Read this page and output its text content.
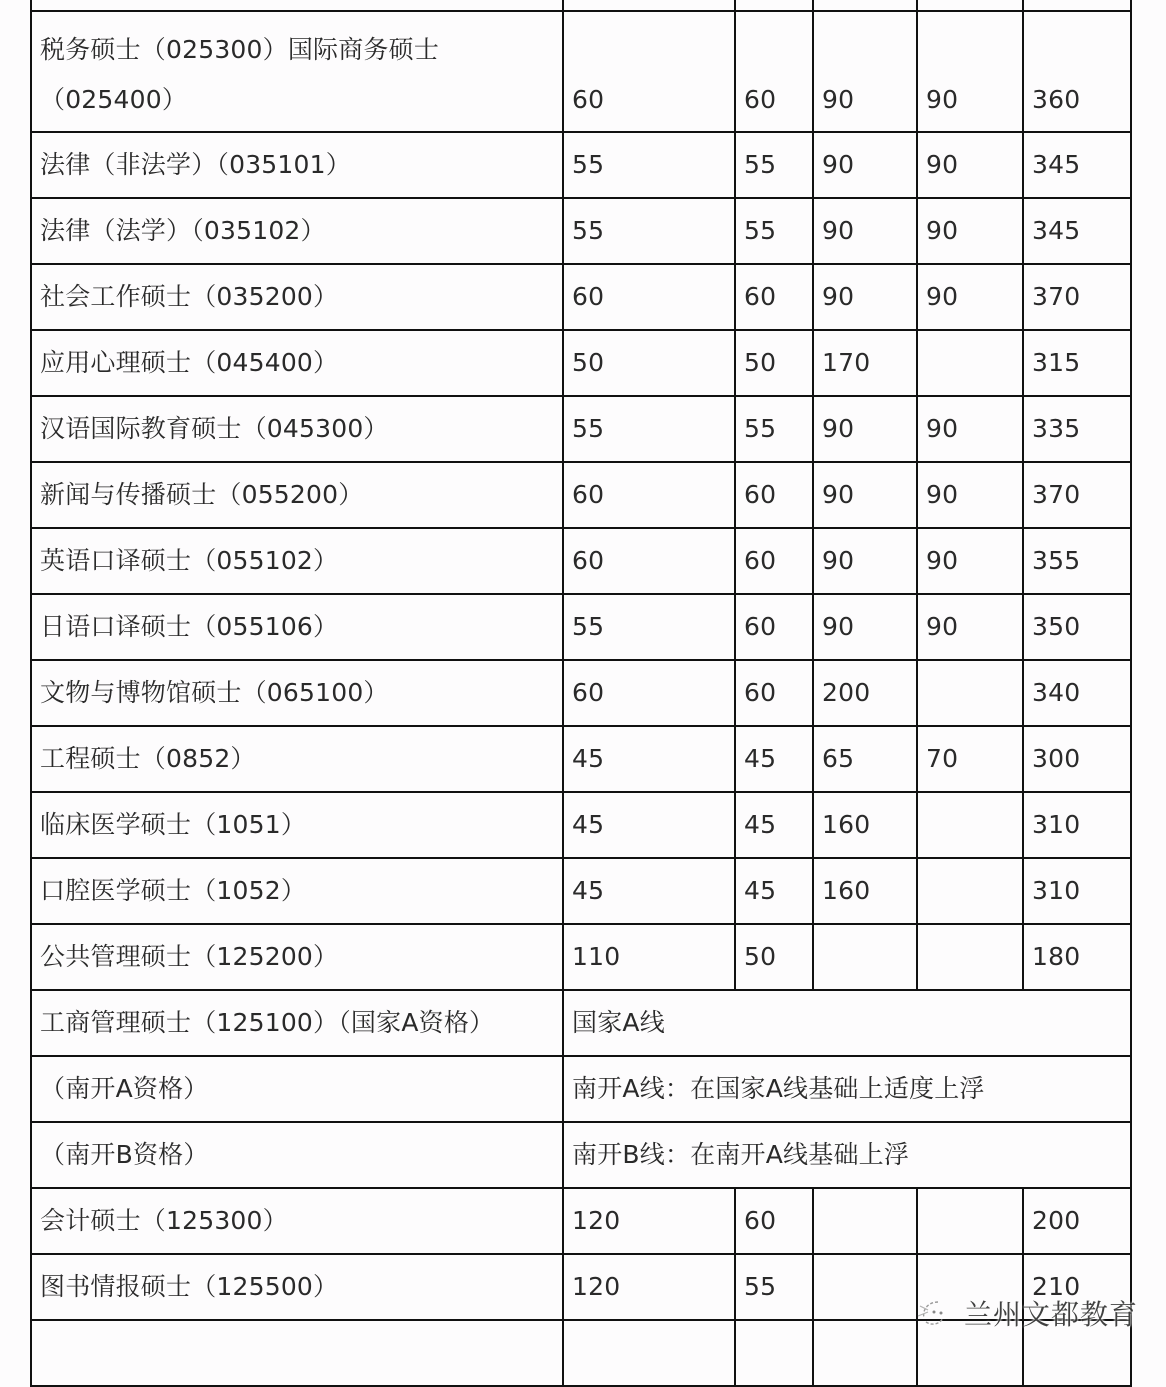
税务硕士（025300）国际商务硕士（025400）	60	60	90	90	360
法律（非法学）（035101）	55	55	90	90	345
法律（法学）（035102）	55	55	90	90	345
社会工作硕士（035200）	60	60	90	90	370
应用心理硕士（045400）	50	50	170		315
汉语国际教育硕士（045300）	55	55	90	90	335
新闻与传播硕士（055200）	60	60	90	90	370
英语口译硕士（055102）	60	60	90	90	355
日语口译硕士（055106）	55	60	90	90	350
文物与博物馆硕士（065100）	60	60	200		340
工程硕士（0852）	45	45	65	70	300
临床医学硕士（1051）	45	45	160		310
口腔医学硕士（1052）	45	45	160		310
公共管理硕士（125200）	110	50			180
工商管理硕士（125100）（国家A资格）	国家A线				
（南开A资格）	南开A线：在国家A线基础上适度上浮				
（南开B资格）	南开B线：在南开A线基础上浮				
会计硕士（125300）	120	60			200
图书情报硕士（125500）	120	55			210

兰州文都教育
